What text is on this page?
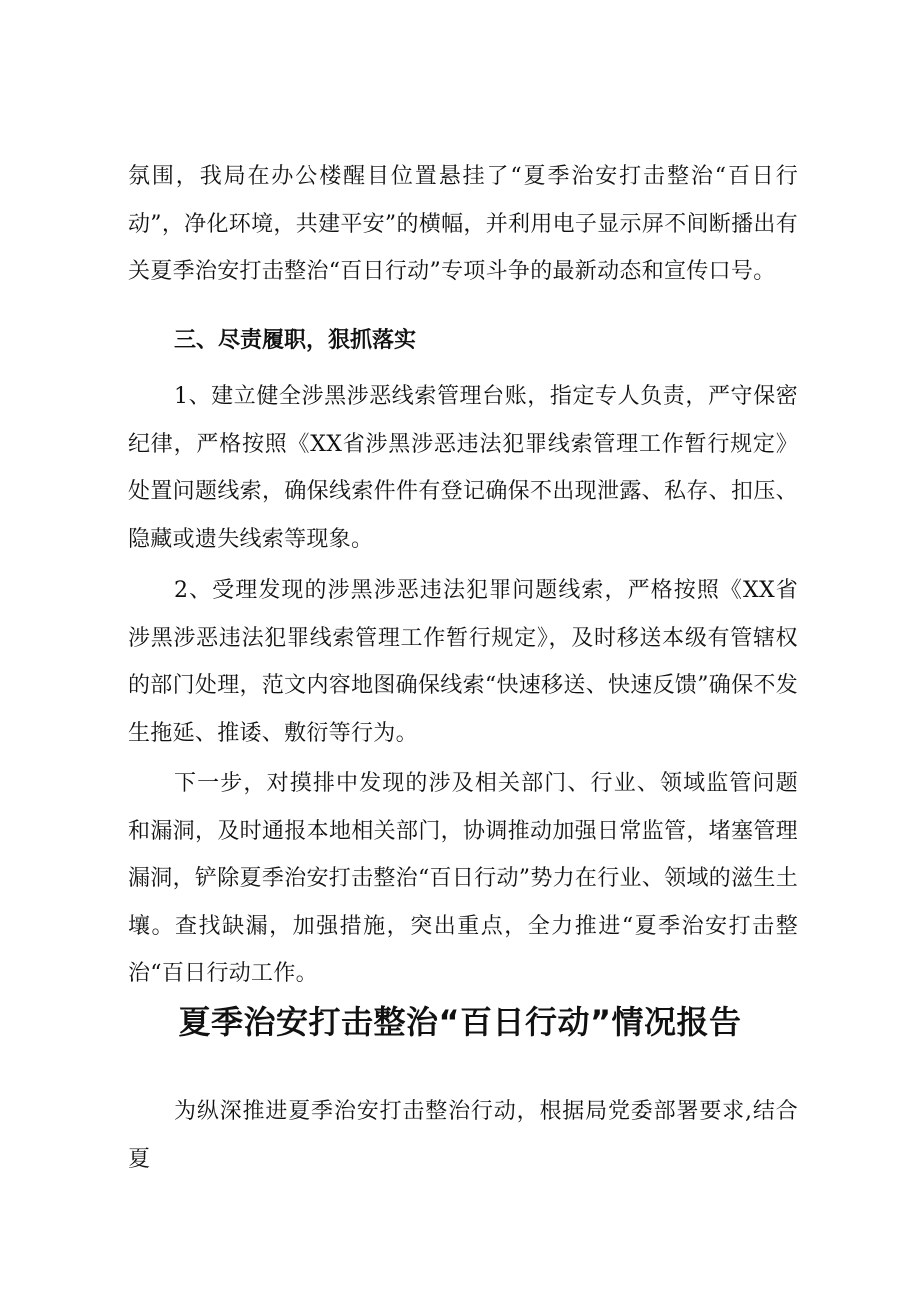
氛围，我局在办公楼醒目位置悬挂了“夏季治安打击整治“百日行动”，净化环境，共建平安”的横幅，并利用电子显示屏不间断播出有关夏季治安打击整治“百日行动”专项斗争的最新动态和宣传口号。

三、尽责履职，狠抓落实

1、建立健全涉黑涉恶线索管理台账，指定专人负责，严守保密纪律，严格按照《XX省涉黑涉恶违法犯罪线索管理工作暂行规定》处置问题线索，确保线索件件有登记确保不出现泄露、私存、扣压、隐藏或遗失线索等现象。

2、受理发现的涉黑涉恶违法犯罪问题线索，严格按照《XX省涉黑涉恶违法犯罪线索管理工作暂行规定》，及时移送本级有管辖权的部门处理，范文内容地图确保线索“快速移送、快速反馈”确保不发生拖延、推诿、敷衍等行为。

下一步，对摸排中发现的涉及相关部门、行业、领域监管问题和漏洞，及时通报本地相关部门，协调推动加强日常监管，堵塞管理漏洞，铲除夏季治安打击整治“百日行动”势力在行业、领域的滋生土壤。查找缺漏，加强措施，突出重点，全力推进“夏季治安打击整治“百日行动工作。

夏季治安打击整治“百日行动”情况报告

为纵深推进夏季治安打击整治行动，根据局党委部署要求,结合夏
